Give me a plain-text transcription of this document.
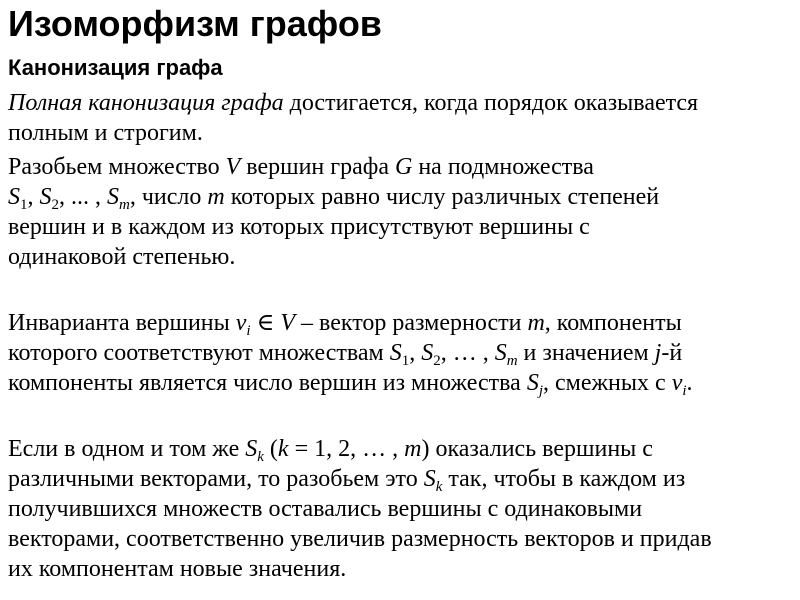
Изоморфизм графов
Канонизация графа

Полная канонизация графа достигается, когда порядок оказывается
полным и строгим.

Разобьем множество V вершин графа G на подмножества
$S_1$, $S_2$, ... , $S_m$, число m которых равно числу различных степеней
вершин и в каждом из которых присутствуют вершины с
одинаковой степенью.

Инварианта вершины $v_i$ ∈ V – вектор размерности m, компоненты
которого соответствуют множествам $S_1$, $S_2$, … , $S_m$ и значением j-й
компоненты является число вершин из множества $S_j$, смежных с $v_i$.

Если в одном и том же $S_k$ (k = 1, 2, … , m) оказались вершины с
различными векторами, то разобьем это $S_k$ так, чтобы в каждом из
получившихся множеств оставались вершины с одинаковыми
векторами, соответственно увеличив размерность векторов и придав
их компонентам новые значения.
